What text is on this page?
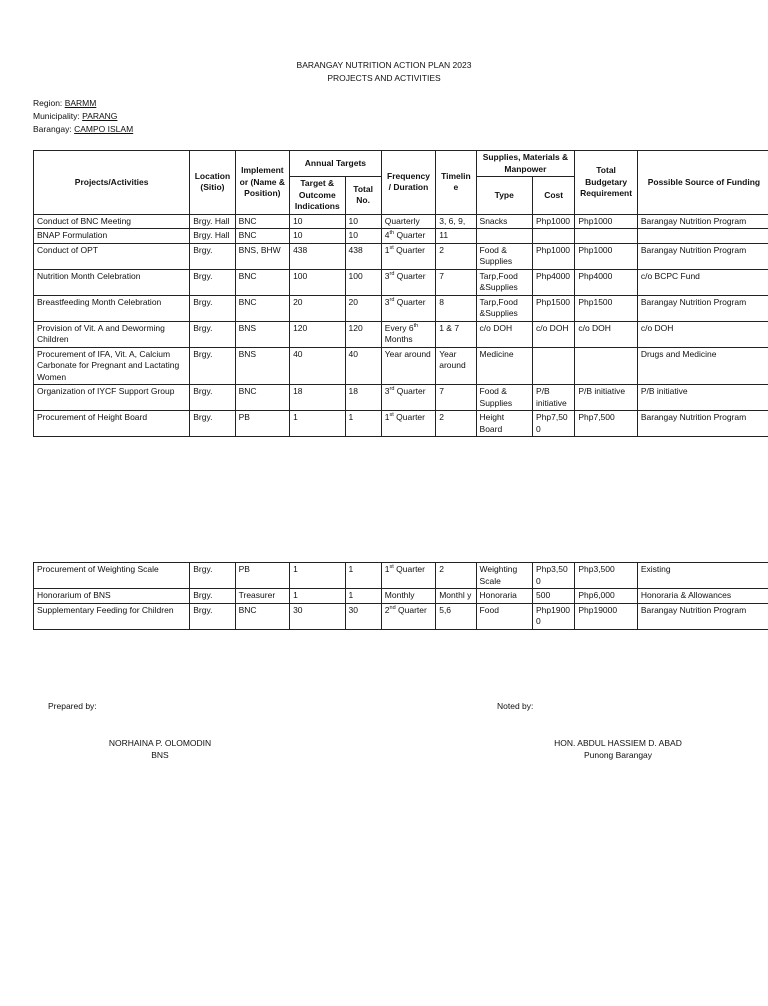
BARANGAY NUTRITION ACTION PLAN 2023
PROJECTS AND ACTIVITIES
Region: BARMM
Municipality: PARANG
Barangay: CAMPO ISLAM
Projects/Activities	Location (Sitio)	Implementor (Name & Position)	Annual Targets		Frequency / Duration	Timeline	Supplies, Materials & Manpower		Total Budgetary Requirement	Possible Source of Funding
			Target & Outcome Indications	Total No.			Type	Cost		
Conduct of BNC Meeting	Brgy. Hall	BNC	10	10	Quarterly	3, 6, 9,	Snacks	Php1000	Php1000	Barangay Nutrition Program
BNAP Formulation	Brgy. Hall	BNC	10	10	4th Quarter	11				
Conduct of OPT	Brgy.	BNS, BHW	438	438	1st Quarter	2	Food & Supplies	Php1000	Php1000	Barangay Nutrition Program
Nutrition Month Celebration	Brgy.	BNC	100	100	3rd Quarter	7	Tarp,Food &Supplies	Php4000	Php4000	c/o BCPC Fund
Breastfeeding Month Celebration	Brgy.	BNC	20	20	3rd Quarter	8	Tarp,Food &Supplies	Php1500	Php1500	Barangay Nutrition Program
Provision of Vit. A and Deworming Children	Brgy.	BNS	120	120	Every 6th Months	1 & 7	c/o DOH	c/o DOH	c/o DOH	c/o DOH
Procurement of IFA, Vit. A, Calcium Carbonate for Pregnant and Lactating Women	Brgy.	BNS	40	40	Year around	Year around	Medicine			Drugs and Medicine
Organization of IYCF Support Group	Brgy.	BNC	18	18	3rd Quarter	7	Food & Supplies	P/B initiative	P/B initiative	P/B initiative
Procurement of Height Board	Brgy.	PB	1	1	1st Quarter	2	Height Board	Php7,50 0	Php7,500	Barangay Nutrition Program
Procurement of Weighting Scale	Brgy.	PB	1	1	1st Quarter	2	Weighting Scale	Php3,50 0	Php3,500	Existing
Honorarium of BNS	Brgy.	Treasurer	1	1	Monthly	Monthl y	Honoraria	500	Php6,000	Honoraria & Allowances
Supplementary Feeding for Children	Brgy.	BNC	30	30	2nd Quarter	5,6	Food	Php1900 0	Php19000	Barangay Nutrition Program
Prepared by:
NORHAINA P. OLOMODIN
BNS
Noted by:
HON. ABDUL HASSIEM D. ABAD
Punong Barangay
